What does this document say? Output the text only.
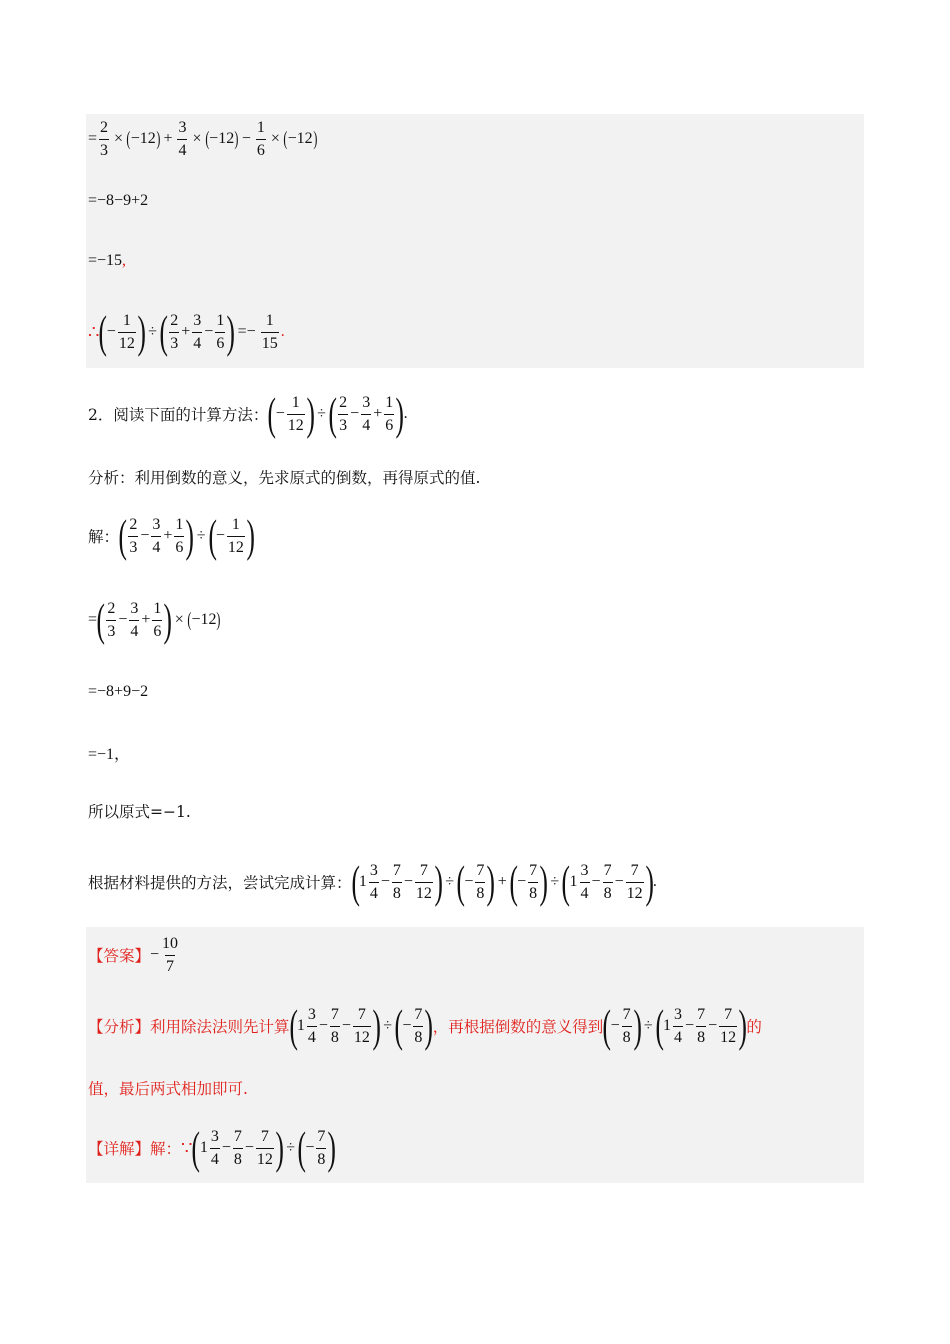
= $\frac{2}{3}$ × ( −12 ) + $\frac{3}{4}$ × ( −12 ) − $\frac{1}{6}$ × ( −12 )
=−8−9+2
=−15 ,
∴ ( − $\frac{1}{12}$ ) ÷ ( $\frac{2}{3} + \frac{3}{4} - \frac{1}{6}$ ) =− $\frac{1}{15}$ .
2．阅读下面的计算方法： ( − $\frac{1}{12}$ ) ÷ ( $\frac{2}{3} - \frac{3}{4} + \frac{1}{6}$ ) .
分析：利用倒数的意义，先求原式的倒数，再得原式的值.
解： ( $\frac{2}{3} - \frac{3}{4} + \frac{1}{6}$ ) ÷ ( − $\frac{1}{12}$ )
= ( $\frac{2}{3} - \frac{3}{4} + \frac{1}{6}$ ) × ( −12 )
=−8+9−2
=−1，
所以原式=−1.
根据材料提供的方法，尝试完成计算： ( $1 \frac{3}{4} - \frac{7}{8} - \frac{7}{12}$ ) ÷ ( − $\frac{7}{8}$ ) + ( − $\frac{7}{8}$ ) ÷ ( $1 \frac{3}{4} - \frac{7}{8} - \frac{7}{12}$ ) .
【答案】 − $\frac{10}{7}$
【分析】 利用除法法则先计算 ( $1 \frac{3}{4} - \frac{7}{8} - \frac{7}{12}$ ) ÷ ( − $\frac{7}{8}$ ) ，再根据倒数的意义得到 ( − $\frac{7}{8}$ ) ÷ ( $1 \frac{3}{4} - \frac{7}{8} - \frac{7}{12}$ ) 的
值，最后两式相加即可.
【详解】 解： ∵ ( $1 \frac{3}{4} - \frac{7}{8} - \frac{7}{12}$ ) ÷ ( − $\frac{7}{8}$ )
